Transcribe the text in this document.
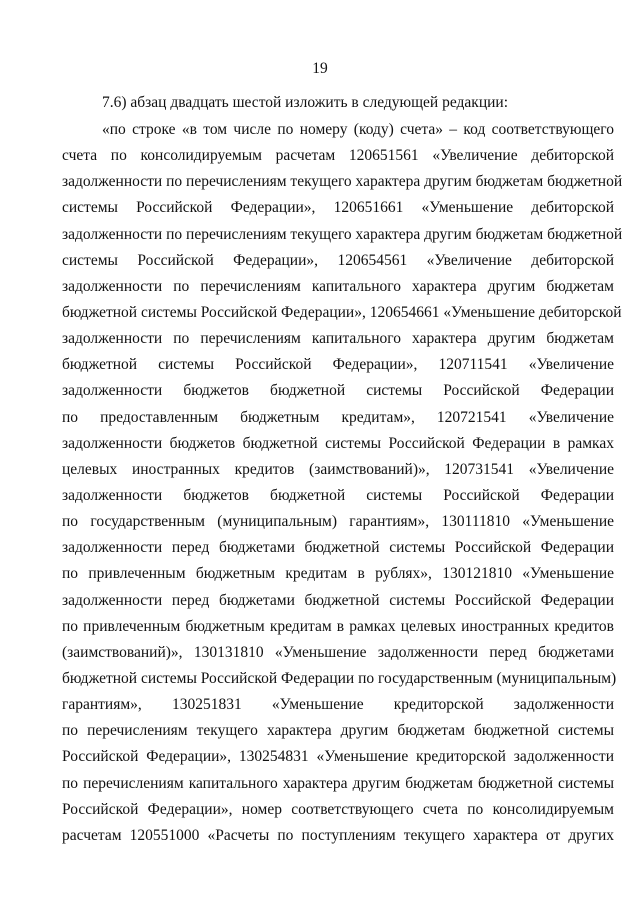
19
7.6) абзац двадцать шестой изложить в следующей редакции:
«по строке «в том числе по номеру (коду) счета» – код соответствующего
счета по консолидируемым расчетам 120651561 «Увеличение дебиторской
задолженности по перечислениям текущего характера другим бюджетам бюджетной
системы Российской Федерации», 120651661 «Уменьшение дебиторской
задолженности по перечислениям текущего характера другим бюджетам бюджетной
системы Российской Федерации», 120654561 «Увеличение дебиторской
задолженности по перечислениям капитального характера другим бюджетам
бюджетной системы Российской Федерации», 120654661 «Уменьшение дебиторской
задолженности по перечислениям капитального характера другим бюджетам
бюджетной системы Российской Федерации», 120711541 «Увеличение
задолженности бюджетов бюджетной системы Российской Федерации
по предоставленным бюджетным кредитам», 120721541 «Увеличение
задолженности бюджетов бюджетной системы Российской Федерации в рамках
целевых иностранных кредитов (заимствований)», 120731541 «Увеличение
задолженности бюджетов бюджетной системы Российской Федерации
по государственным (муниципальным) гарантиям», 130111810 «Уменьшение
задолженности перед бюджетами бюджетной системы Российской Федерации
по привлеченным бюджетным кредитам в рублях», 130121810 «Уменьшение
задолженности перед бюджетами бюджетной системы Российской Федерации
по привлеченным бюджетным кредитам в рамках целевых иностранных кредитов
(заимствований)», 130131810 «Уменьшение задолженности перед бюджетами
бюджетной системы Российской Федерации по государственным (муниципальным)
гарантиям», 130251831 «Уменьшение кредиторской задолженности
по перечислениям текущего характера другим бюджетам бюджетной системы
Российской Федерации», 130254831 «Уменьшение кредиторской задолженности
по перечислениям капитального характера другим бюджетам бюджетной системы
Российской Федерации», номер соответствующего счета по консолидируемым
расчетам 120551000 «Расчеты по поступлениям текущего характера от других
